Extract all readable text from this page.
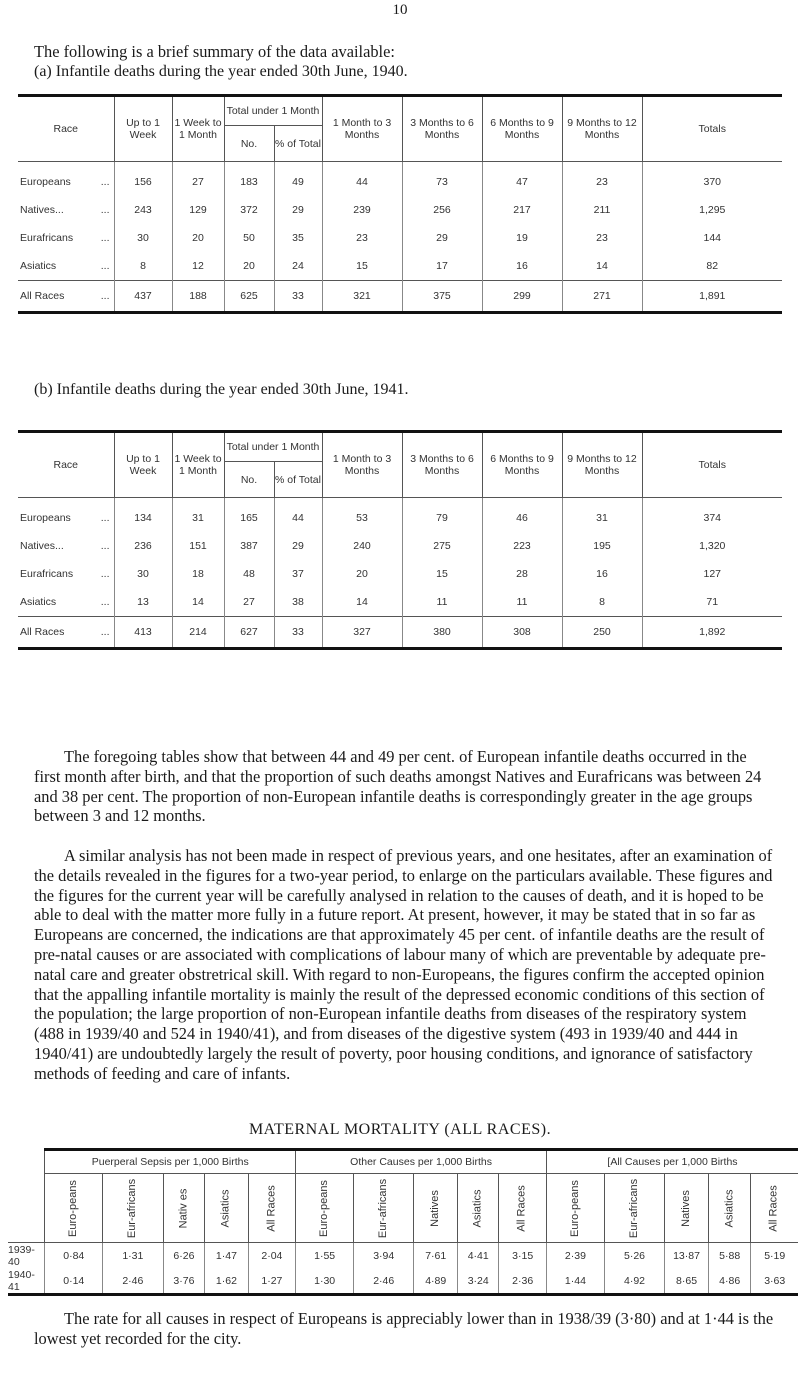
10
The following is a brief summary of the data available:
(a) Infantile deaths during the year ended 30th June, 1940.
Race	Up to 1 Week	1 Week to 1 Month	Total under 1 Month		1 Month to 3 Months	3 Months to 6 Months	6 Months to 9 Months	9 Months to 12 Months	Totals
			No.	% of Total					
Europeans ...	156	27	183	49	44	73	47	23	370
Natives... ...	243	129	372	29	239	256	217	211	1,295
Eurafricans ...	30	20	50	35	23	29	19	23	144
Asiatics ...	8	12	20	24	15	17	16	14	82
All Races ...	437	188	625	33	321	375	299	271	1,891
(b) Infantile deaths during the year ended 30th June, 1941.
Race	Up to 1 Week	1 Week to 1 Month	Total under 1 Month		1 Month to 3 Months	3 Months to 6 Months	6 Months to 9 Months	9 Months to 12 Months	Totals
			No.	% of Total					
Europeans ...	134	31	165	44	53	79	46	31	374
Natives... ...	236	151	387	29	240	275	223	195	1,320
Eurafricans ...	30	18	48	37	20	15	28	16	127
Asiatics ...	13	14	27	38	14	11	11	8	71
All Races ...	413	214	627	33	327	380	308	250	1,892
The foregoing tables show that between 44 and 49 per cent. of European infantile deaths occurred in the first month after birth, and that the proportion of such deaths amongst Natives and Eurafricans was between 24 and 38 per cent. The proportion of non-European infantile deaths is correspondingly greater in the age groups between 3 and 12 months.
A similar analysis has not been made in respect of previous years, and one hesitates, after an examination of the details revealed in the figures for a two-year period, to enlarge on the particulars available. These figures and the figures for the current year will be carefully analysed in relation to the causes of death, and it is hoped to be able to deal with the matter more fully in a future report. At present, however, it may be stated that in so far as Europeans are concerned, the indications are that approximately 45 per cent. of infantile deaths are the result of pre-natal causes or are associated with complications of labour many of which are preventable by adequate pre-natal care and greater obstretrical skill. With regard to non-Europeans, the figures confirm the accepted opinion that the appalling infantile mortality is mainly the result of the depressed economic conditions of this section of the population; the large proportion of non-European infantile deaths from diseases of the respiratory system (488 in 1939/40 and 524 in 1940/41), and from diseases of the digestive system (493 in 1939/40 and 444 in 1940/41) are undoubtedly largely the result of poverty, poor housing conditions, and ignorance of satisfactory methods of feeding and care of infants.
MATERNAL MORTALITY (ALL RACES).
	Puerperal Sepsis per 1,000 Births					Other Causes per 1,000 Births					[All Causes per 1,000 Births				
	Euro-peans	Eur-africans	Nativ es	Asiatics	All Races	Euro-peans	Eur-africans	Natives	Asiatics	All Races	Euro-peans	Eur-africans	Natives	Asiatics	All Races
1939-40	0·84	1·31	6·26	1·47	2·04	1·55	3·94	7·61	4·41	3·15	2·39	5·26	13·87	5·88	5·19
1940-41	0·14	2·46	3·76	1·62	1·27	1·30	2·46	4·89	3·24	2·36	1·44	4·92	8·65	4·86	3·63
The rate for all causes in respect of Europeans is appreciably lower than in 1938/39 (3·80) and at 1·44 is the lowest yet recorded for the city.
